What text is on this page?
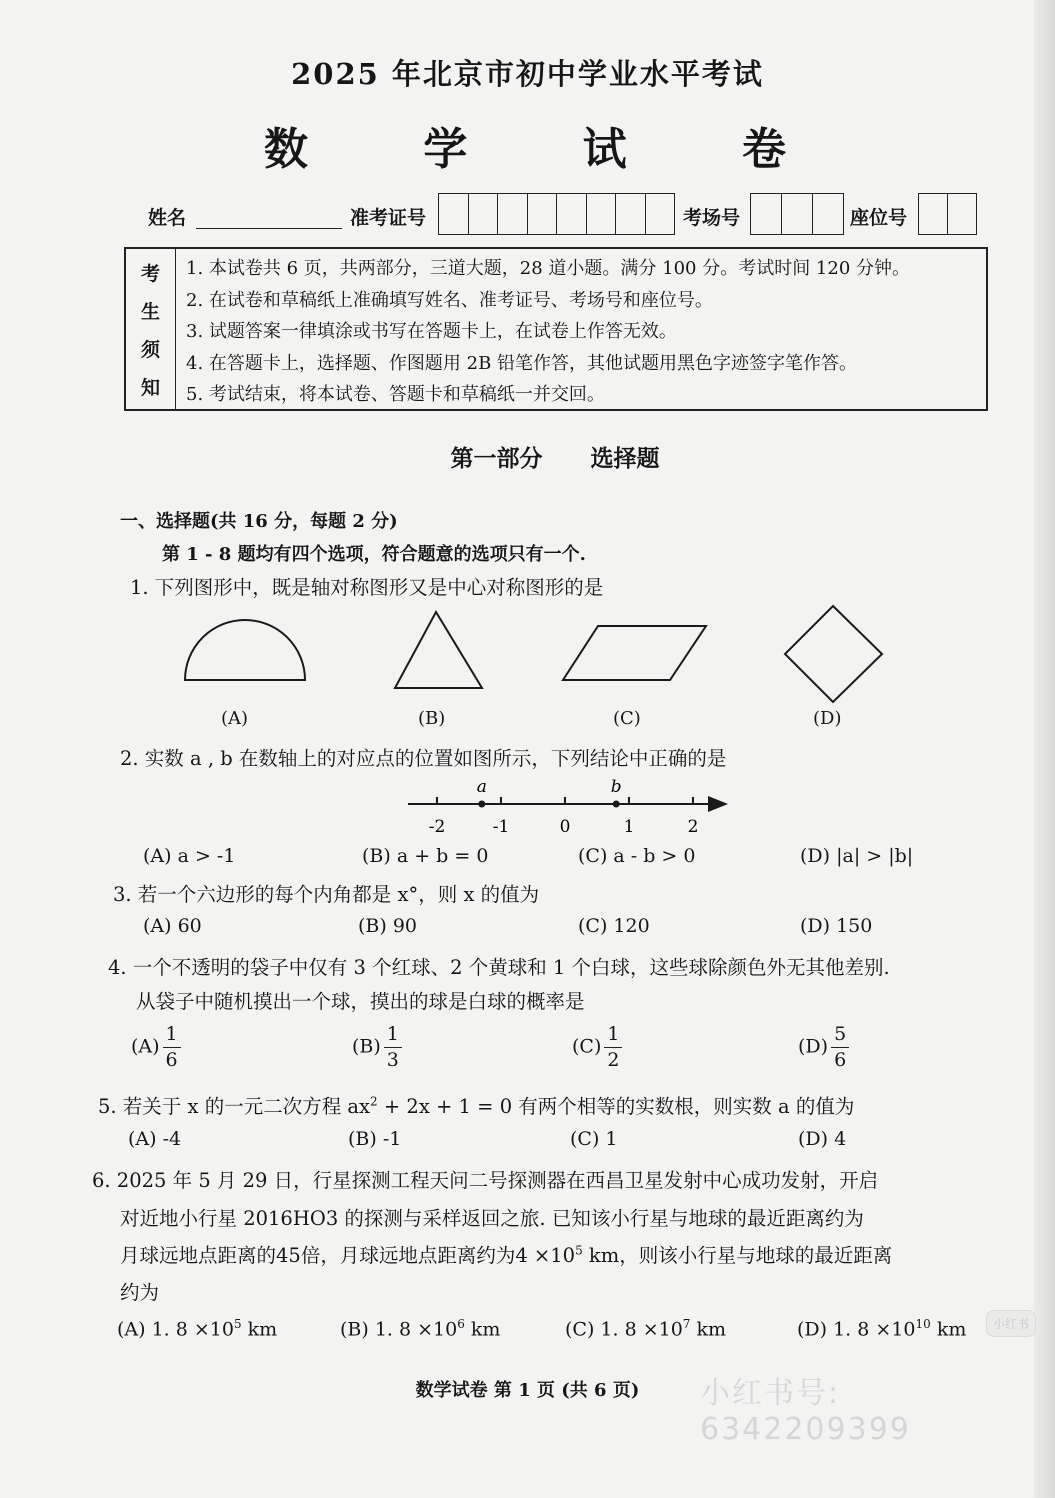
2025 年北京市初中学业水平考试
数 学 试 卷
姓名	准考证号	考场号	座位号
考
生
须
知
1. 本试卷共 6 页，共两部分，三道大题，28 道小题。满分 100 分。考试时间 120 分钟。
2. 在试卷和草稿纸上准确填写姓名、准考证号、考场号和座位号。
3. 试题答案一律填涂或书写在答题卡上，在试卷上作答无效。
4. 在答题卡上，选择题、作图题用 2B 铅笔作答，其他试题用黑色字迹签字笔作答。
5. 考试结束，将本试卷、答题卡和草稿纸一并交回。
第一部分 选择题
一、选择题(共 16 分，每题 2 分)
第 1 - 8 题均有四个选项，符合题意的选项只有一个.
1. 下列图形中，既是轴对称图形又是中心对称图形的是
(A)	(B)	(C)	(D)
2. 实数 a , b 在数轴上的对应点的位置如图所示，下列结论中正确的是
-2	-1	0	1	2
a	b
(A) a > -1	(B) a + b = 0	(C) a - b > 0	(D) |a| > |b|
3. 若一个六边形的每个内角都是 x°，则 x 的值为
(A) 60	(B) 90	(C) 120	(D) 150
4. 一个不透明的袋子中仅有 3 个红球、2 个黄球和 1 个白球，这些球除颜色外无其他差别.
从袋子中随机摸出一个球，摸出的球是白球的概率是
$(A) \frac{1}{6}$	$(B) \frac{1}{3}$	$(C) \frac{1}{2}$	$(D) \frac{5}{6}$
5. 若关于 x 的一元二次方程 $ax^2 + 2x + 1 = 0$ 有两个相等的实数根，则实数 a 的值为
(A) -4	(B) -1	(C) 1	(D) 4
6. 2025 年 5 月 29 日，行星探测工程天问二号探测器在西昌卫星发射中心成功发射，开启
对近地小行星 2016HO3 的探测与采样返回之旅. 已知该小行星与地球的最近距离约为
月球远地点距离的45倍，月球远地点距离约为$4 \times 10^5$ km，则该小行星与地球的最近距离
约为
(A) 1. $8 \times 10^5$ km	(B) 1. $8 \times 10^6$ km	(C) 1. $8 \times 10^7$ km	(D) 1. $8 \times 10^{10}$ km
数学试卷 第 1 页 (共 6 页)	小红书号: 6342209399
小红书
